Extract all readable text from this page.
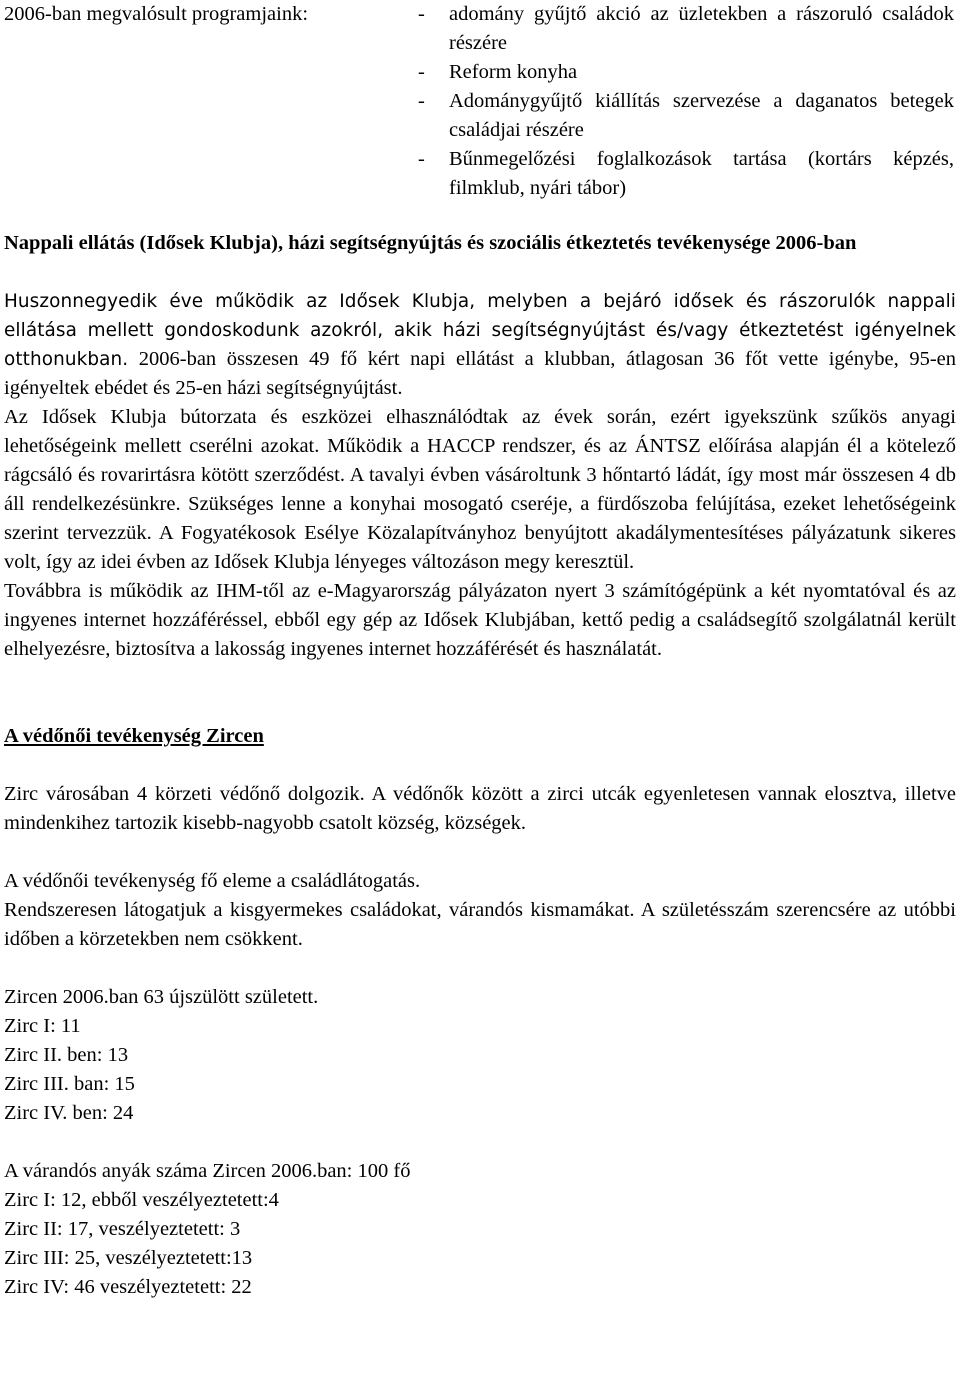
2006-ban megvalósult programjaink:	- adomány gyűjtő akció az üzletekben a rászoruló családok részére
- Reform konyha
- Adománygyűjtő kiállítás szervezése a daganatos betegek családjai részére
- Bűnmegelőzési foglalkozások tartása (kortárs képzés, filmklub, nyári tábor)

Nappali ellátás (Idősek Klubja), házi segítségnyújtás és szociális étkeztetés tevékenysége 2006-ban

Huszonnegyedik éve működik az Idősek Klubja, melyben a bejáró idősek és rászorulók nappali ellátása mellett gondoskodunk azokról, akik házi segítségnyújtást és/vagy étkeztetést igényelnek otthonukban. 2006-ban összesen 49 fő kért napi ellátást a klubban, átlagosan 36 főt vette igénybe, 95-en igényeltek ebédet és 25-en házi segítségnyújtást.

Az Idősek Klubja bútorzata és eszközei elhasználódtak az évek során, ezért igyekszünk szűkös anyagi lehetőségeink mellett cserélni azokat. Működik a HACCP rendszer, és az ÁNTSZ előírása alapján él a kötelező rágcsáló és rovarirtásra kötött szerződést. A tavalyi évben vásároltunk 3 hőntartó ládát, így most már összesen 4 db áll rendelkezésünkre. Szükséges lenne a konyhai mosogató cseréje, a fürdőszoba felújítása, ezeket lehetőségeink szerint tervezzük. A Fogyatékosok Esélye Közalapítványhoz benyújtott akadálymentesítéses pályázatunk sikeres volt, így az idei évben az Idősek Klubja lényeges változáson megy keresztül.

Továbbra is működik az IHM-től az e-Magyarország pályázaton nyert 3 számítógépünk a két nyomtatóval és az ingyenes internet hozzáféréssel, ebből egy gép az Idősek Klubjában, kettő pedig a családsegítő szolgálatnál került elhelyezésre, biztosítva a lakosság ingyenes internet hozzáférését és használatát.

A védőnői tevékenység Zircen

Zirc városában 4 körzeti védőnő dolgozik. A védőnők között a zirci utcák egyenletesen vannak elosztva, illetve mindenkihez tartozik kisebb-nagyobb csatolt község, községek.

A védőnői tevékenység fő eleme a családlátogatás.

Rendszeresen látogatjuk a kisgyermekes családokat, várandós kismamákat. A születésszám szerencsére az utóbbi időben a körzetekben nem csökkent.

Zircen 2006.ban 63 újszülött született.

Zirc I: 11

Zirc II. ben: 13

Zirc III. ban: 15

Zirc IV. ben: 24

A várandós anyák száma Zircen 2006.ban: 100 fő

Zirc I: 12, ebből veszélyeztetett:4

Zirc II: 17, veszélyeztetett: 3

Zirc III: 25, veszélyeztetett:13

Zirc IV: 46 veszélyeztetett: 22
